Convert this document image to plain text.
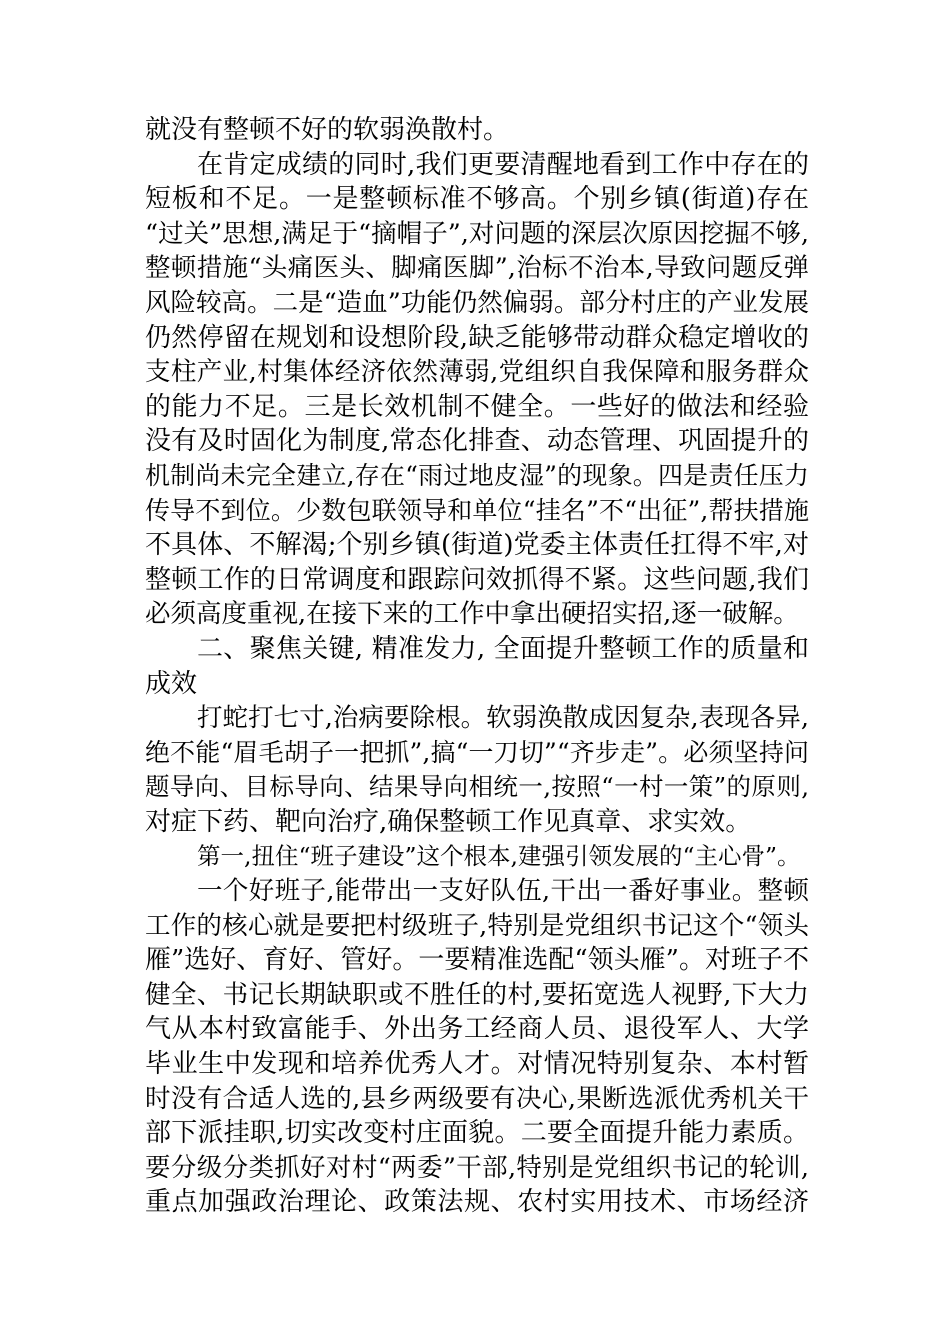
就没有整顿不好的软弱涣散村。
在肯定成绩的同时,我们更要清醒地看到工作中存在的
短板和不足。一是整顿标准不够高。个别乡镇(街道)存在
“过关”思想,满足于“摘帽子”,对问题的深层次原因挖掘不够,
整顿措施“头痛医头、脚痛医脚”,治标不治本,导致问题反弹
风险较高。二是“造血”功能仍然偏弱。部分村庄的产业发展
仍然停留在规划和设想阶段,缺乏能够带动群众稳定增收的
支柱产业,村集体经济依然薄弱,党组织自我保障和服务群众
的能力不足。三是长效机制不健全。一些好的做法和经验
没有及时固化为制度,常态化排查、动态管理、巩固提升的
机制尚未完全建立,存在“雨过地皮湿”的现象。四是责任压力
传导不到位。少数包联领导和单位“挂名”不“出征”,帮扶措施
不具体、不解渴;个别乡镇(街道)党委主体责任扛得不牢,对
整顿工作的日常调度和跟踪问效抓得不紧。这些问题,我们
必须高度重视,在接下来的工作中拿出硬招实招,逐一破解。
二、聚焦关键, 精准发力, 全面提升整顿工作的质量和
成效
打蛇打七寸,治病要除根。软弱涣散成因复杂,表现各异,
绝不能“眉毛胡子一把抓”,搞“一刀切”“齐步走”。必须坚持问
题导向、目标导向、结果导向相统一,按照“一村一策”的原则,
对症下药、靶向治疗,确保整顿工作见真章、求实效。
第一,扭住“班子建设”这个根本,建强引领发展的“主心骨”。
一个好班子,能带出一支好队伍,干出一番好事业。整顿
工作的核心就是要把村级班子,特别是党组织书记这个“领头
雁”选好、育好、管好。一要精准选配“领头雁”。对班子不
健全、书记长期缺职或不胜任的村,要拓宽选人视野,下大力
气从本村致富能手、外出务工经商人员、退役军人、大学
毕业生中发现和培养优秀人才。对情况特别复杂、本村暂
时没有合适人选的,县乡两级要有决心,果断选派优秀机关干
部下派挂职,切实改变村庄面貌。二要全面提升能力素质。
要分级分类抓好对村“两委”干部,特别是党组织书记的轮训,
重点加强政治理论、政策法规、农村实用技术、市场经济
